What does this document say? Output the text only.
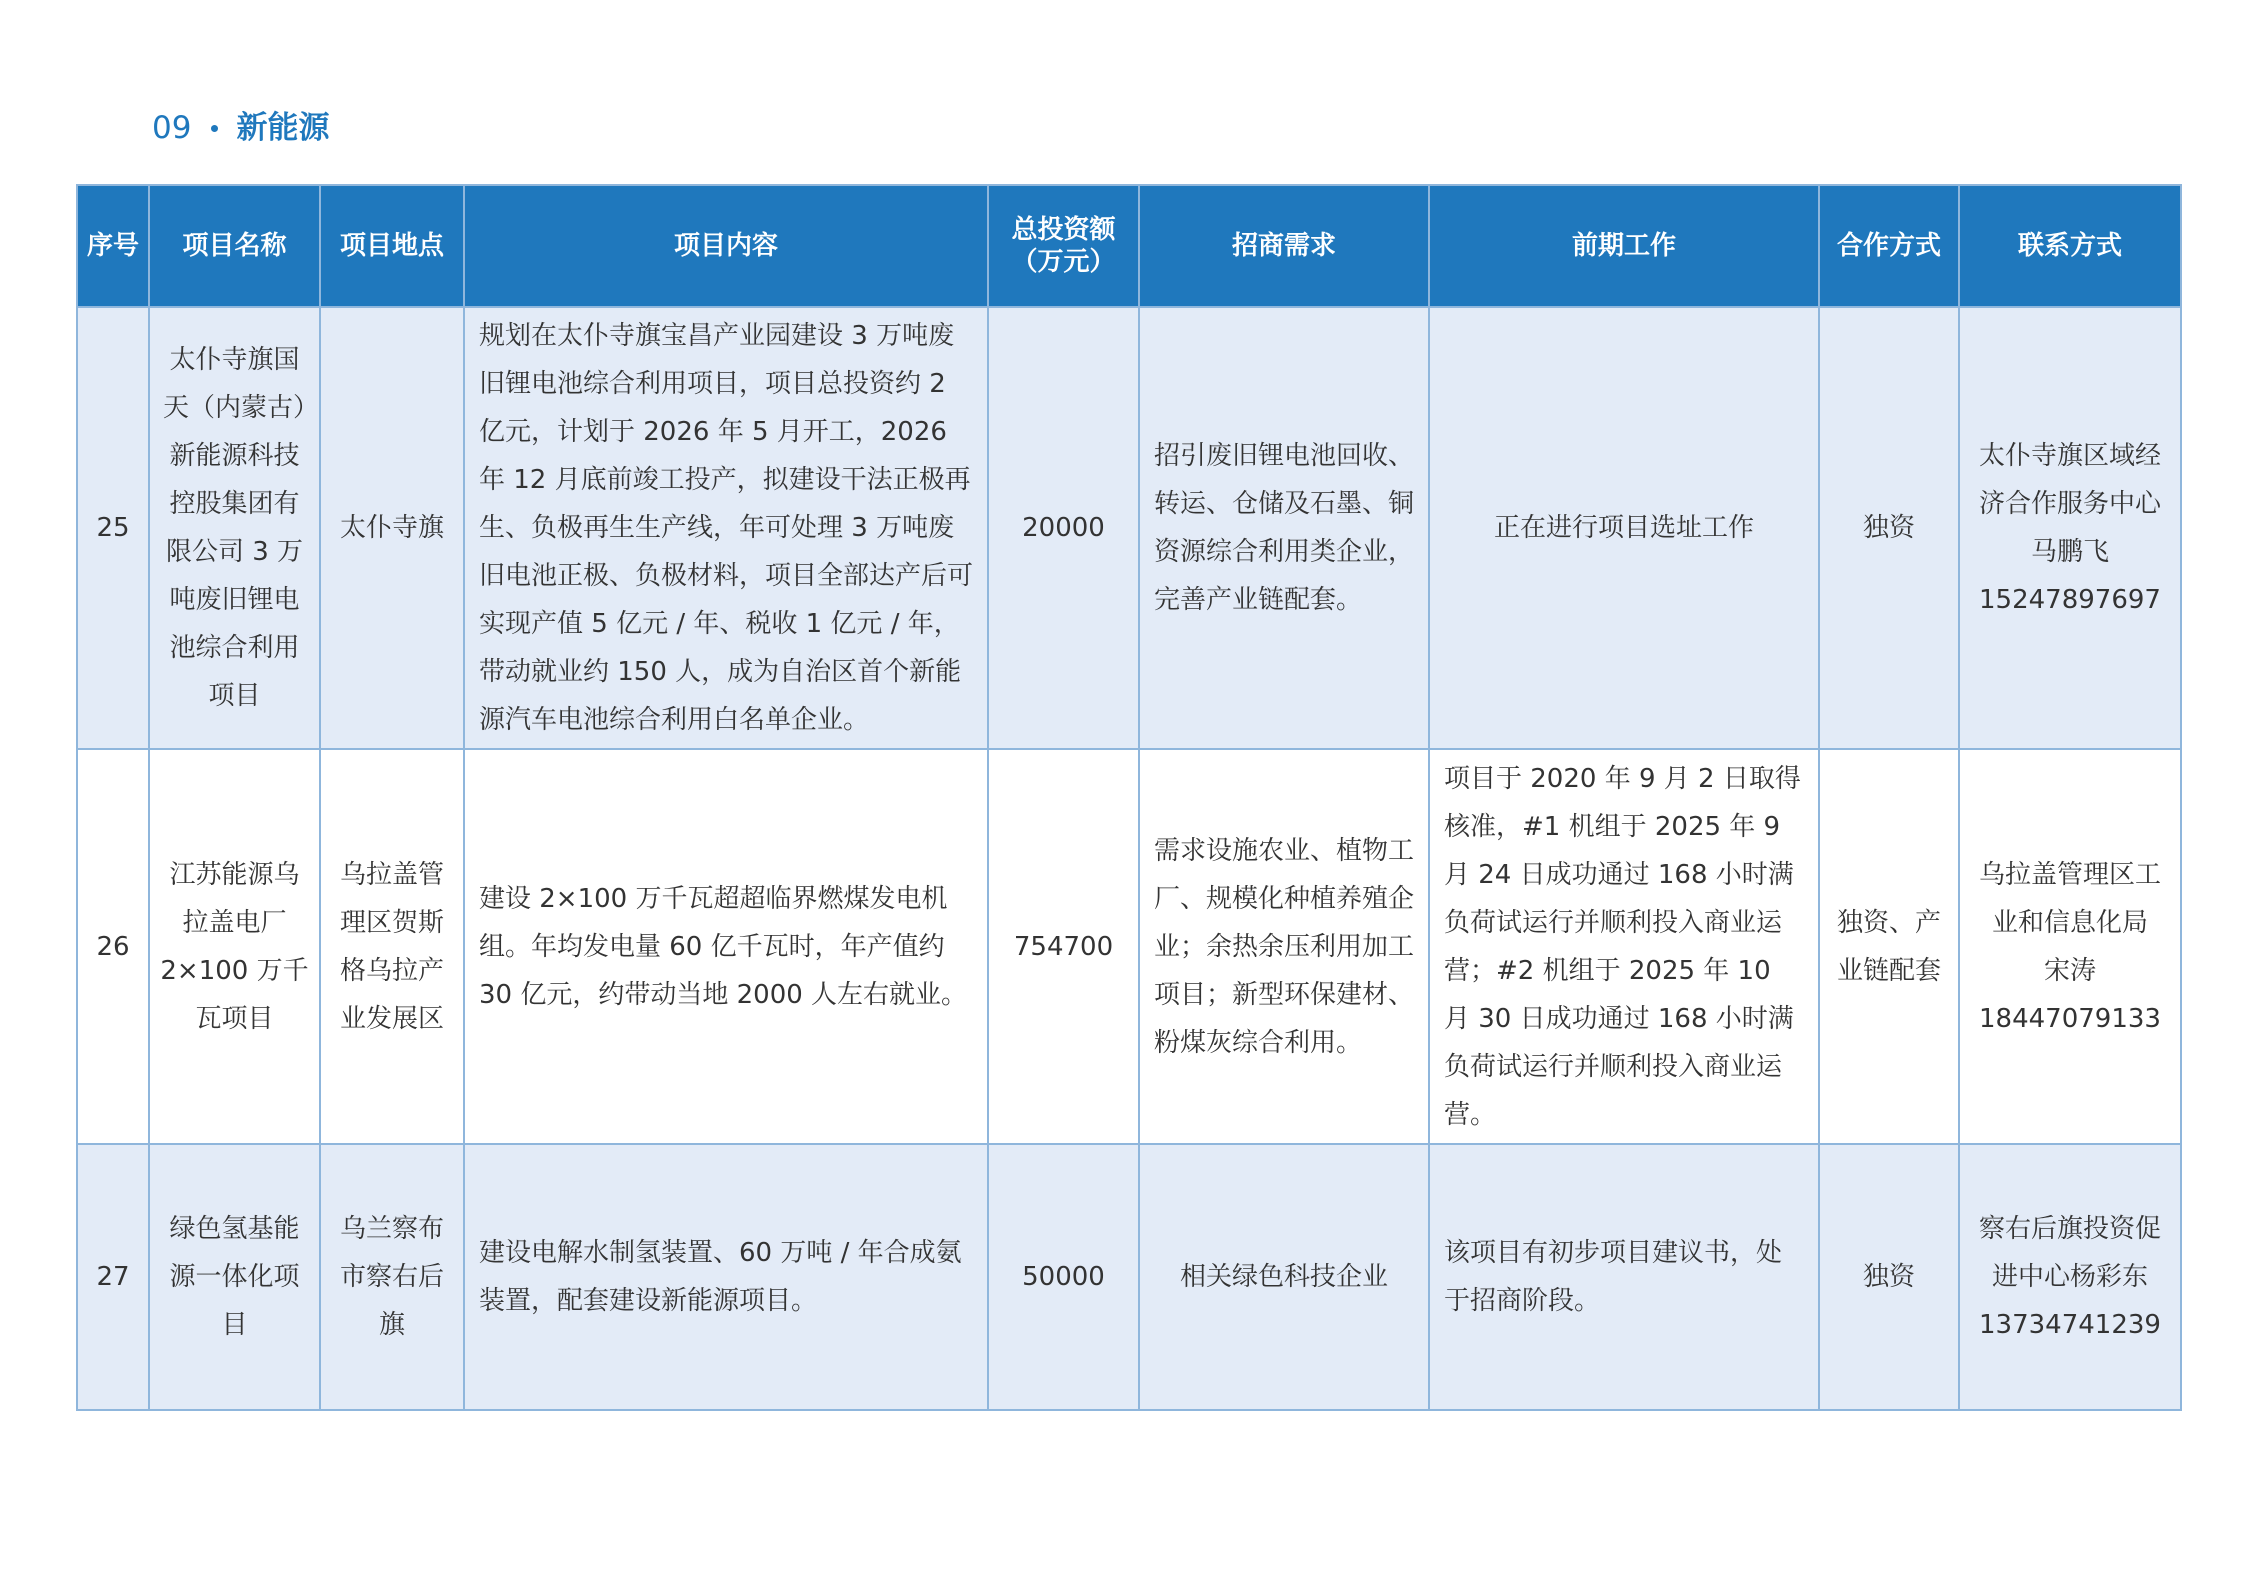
09 新能源
序号	项目名称	项目地点	项目内容	总投资额（万元）	招商需求	前期工作	合作方式	联系方式
25	太仆寺旗国天（内蒙古）新能源科技控股集团有限公司 3 万吨废旧锂电池综合利用项目	太仆寺旗	规划在太仆寺旗宝昌产业园建设 3 万吨废旧锂电池综合利用项目，项目总投资约 2 亿元，计划于 2026 年 5 月开工，2026 年 12 月底前竣工投产，拟建设干法正极再生、负极再生生产线，年可处理 3 万吨废旧电池正极、负极材料，项目全部达产后可实现产值 5 亿元 / 年、税收 1 亿元 / 年，带动就业约 150 人，成为自治区首个新能源汽车电池综合利用白名单企业。	20000	招引废旧锂电池回收、转运、仓储及石墨、铜资源综合利用类企业，完善产业链配套。	正在进行项目选址工作	独资	太仆寺旗区域经济合作服务中心
马鹏飞
15247897697

26	江苏能源乌拉盖电厂 2×100 万千瓦项目	乌拉盖管理区贺斯格乌拉产业发展区	建设 2×100 万千瓦超超临界燃煤发电机组。年均发电量 60 亿千瓦时，年产值约 30 亿元，约带动当地 2000 人左右就业。	754700	需求设施农业、植物工厂、规模化种植养殖企业；余热余压利用加工项目；新型环保建材、粉煤灰综合利用。	项目于 2020 年 9 月 2 日取得核准，#1 机组于 2025 年 9 月 24 日成功通过 168 小时满负荷试运行并顺利投入商业运营；#2 机组于 2025 年 10 月 30 日成功通过 168 小时满负荷试运行并顺利投入商业运营。	独资、产业链配套	乌拉盖管理区工业和信息化局
宋涛
18447079133

27	绿色氢基能源一体化项目	乌兰察布市察右后旗	建设电解水制氢装置、60 万吨 / 年合成氨装置，配套建设新能源项目。	50000	相关绿色科技企业	该项目有初步项目建议书，处于招商阶段。	独资	察右后旗投资促进中心杨彩东
13734741239
